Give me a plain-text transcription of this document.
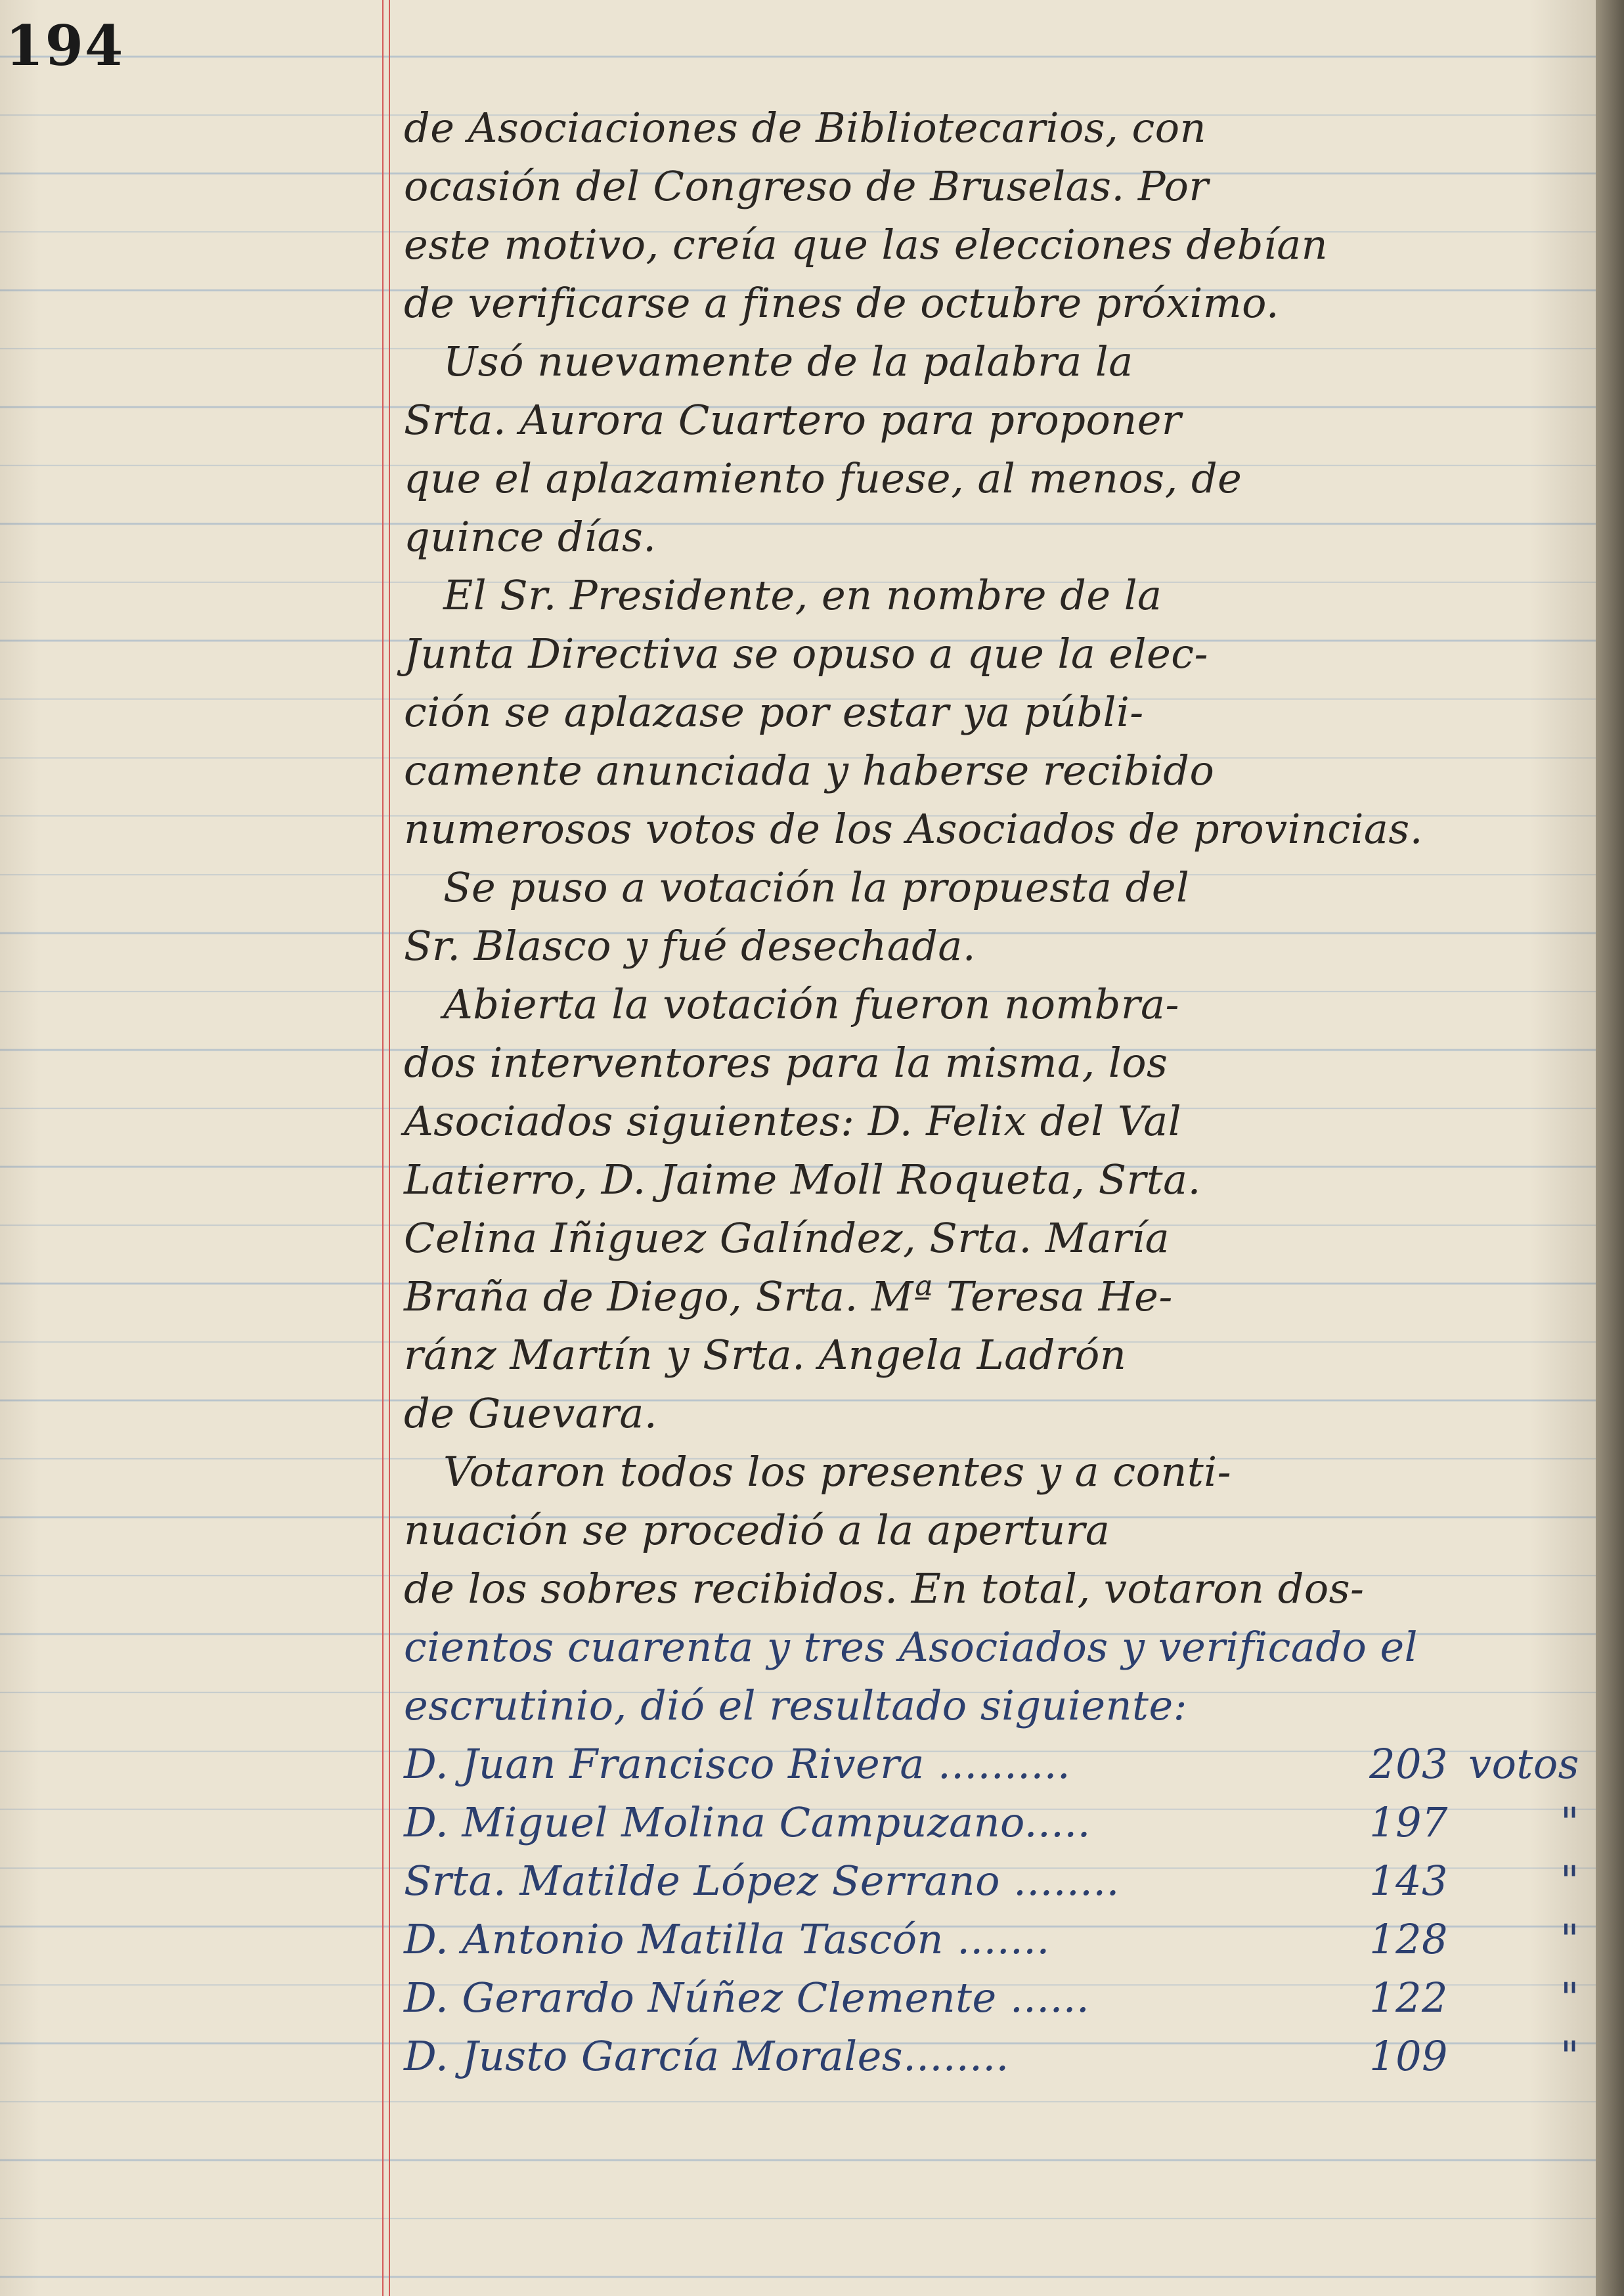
194
de Asociaciones de Bibliotecarios, con
ocasión del Congreso de Bruselas. Por
este motivo, creía que las elecciones debían
de verificarse a fines de octubre próximo.
Usó nuevamente de la palabra la
Srta. Aurora Cuartero para proponer
que el aplazamiento fuese, al menos, de
quince días.
El Sr. Presidente, en nombre de la
Junta Directiva se opuso a que la elec-
ción se aplazase por estar ya públi-
camente anunciada y haberse recibido
numerosos votos de los Asociados de provincias.
Se puso a votación la propuesta del
Sr. Blasco y fué desechada.
Abierta la votación fueron nombra-
dos interventores para la misma, los
Asociados siguientes: D. Felix del Val
Latierro, D. Jaime Moll Roqueta, Srta.
Celina Iñiguez Galíndez, Srta. María
Braña de Diego, Srta. Mª Teresa He-
ránz Martín y Srta. Angela Ladrón
de Guevara.
Votaron todos los presentes y a conti-
nuación se procedió a la apertura
de los sobres recibidos. En total, votaron dos-
cientos cuarenta y tres Asociados y verificado el
escrutinio, dió el resultado siguiente:
D. Juan Francisco Rivera ..........	203 votos
D. Miguel Molina Campuzano.....	197	"
Srta. Matilde López Serrano ........	143	"
D. Antonio Matilla Tascón .......	128	"
D. Gerardo Núñez Clemente ......	122	"
D. Justo García Morales........	109	"
